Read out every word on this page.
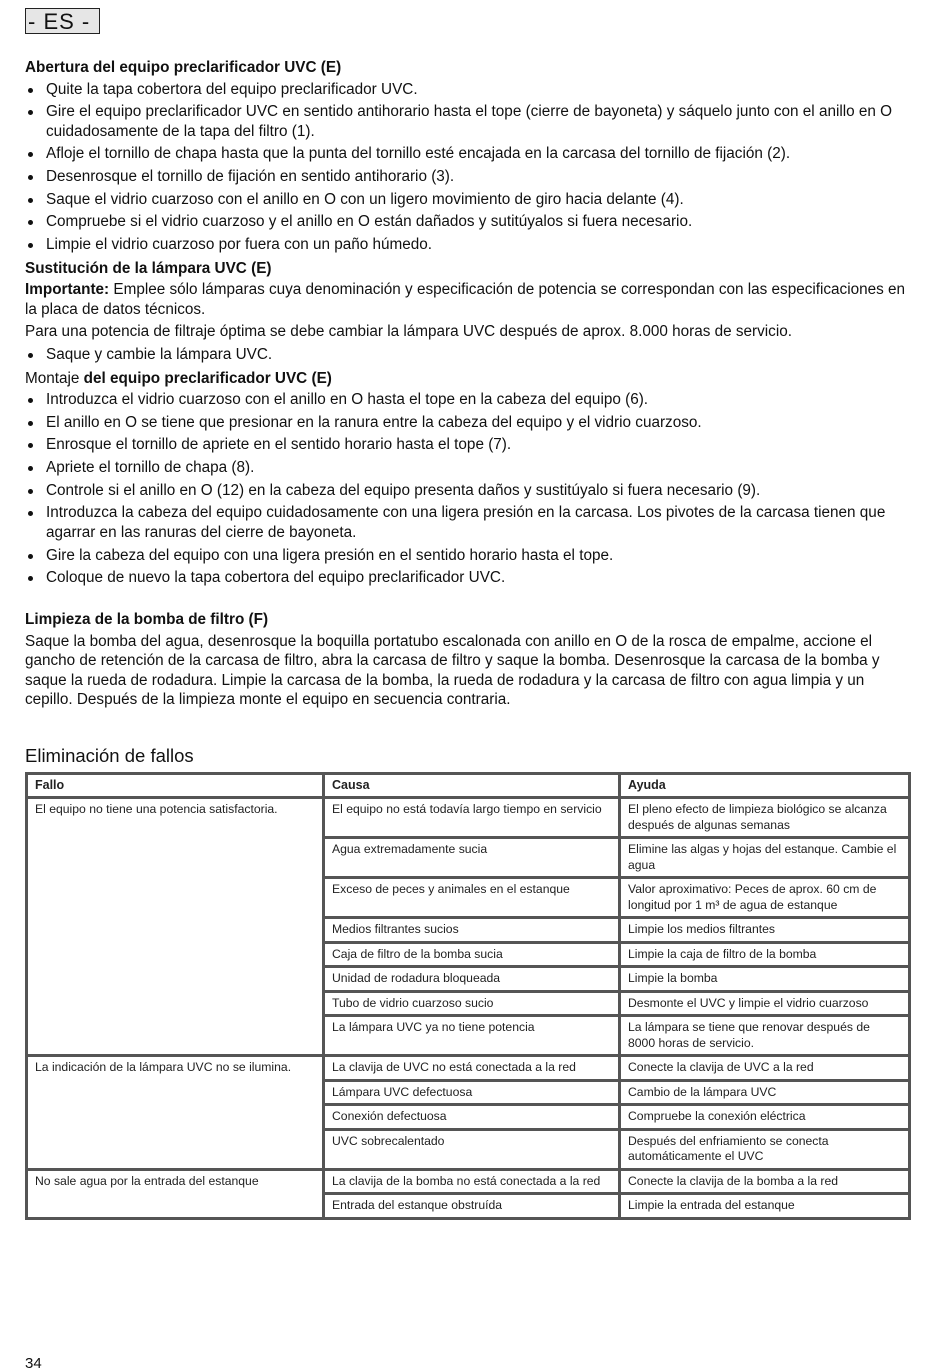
- ES -

Abertura del equipo preclarificador UVC (E)

Quite la tapa cobertora del equipo preclarificador UVC.
Gire el equipo preclarificador UVC en sentido antihorario hasta el tope (cierre de bayoneta) y sáquelo junto con el anillo en O cuidadosamente de la tapa del filtro (1).
Afloje el tornillo de chapa hasta que la punta del tornillo esté encajada en la carcasa del tornillo de fijación (2).
Desenrosque el tornillo de fijación en sentido antihorario (3).
Saque el vidrio cuarzoso con el anillo en O con un ligero movimiento de giro hacia delante (4).
Compruebe si el vidrio cuarzoso y el anillo en O están dañados y sutitúyalos si fuera necesario.
Limpie el vidrio cuarzoso por fuera con un paño húmedo.

Sustitución de la lámpara UVC (E)

Importante: Emplee sólo lámparas cuya denominación y especificación de potencia se correspondan con las especificaciones en la placa de datos técnicos.

Para una potencia de filtraje óptima se debe cambiar la lámpara UVC después de aprox. 8.000 horas de servicio.

Saque y cambie la lámpara UVC.

Montaje del equipo preclarificador UVC (E)

Introduzca el vidrio cuarzoso con el anillo en O hasta el tope en la cabeza del equipo (6).
El anillo en O se tiene que presionar en la ranura entre la cabeza del equipo y el vidrio cuarzoso.
Enrosque el tornillo de apriete en el sentido horario hasta el tope (7).
Apriete el tornillo de chapa (8).
Controle si el anillo en O (12) en la cabeza del equipo presenta daños y sustitúyalo si fuera necesario (9).
Introduzca la cabeza del equipo cuidadosamente con una ligera presión en la carcasa. Los pivotes de la carcasa tienen que agarrar en las ranuras del cierre de bayoneta.
Gire la cabeza del equipo con una ligera presión en el sentido horario hasta el tope.
Coloque de nuevo la tapa cobertora del equipo preclarificador UVC.

Limpieza de la bomba de filtro (F)

Saque la bomba del agua, desenrosque la boquilla portatubo escalonada con anillo en O de la rosca de empalme, accione el gancho de retención de la carcasa de filtro, abra la carcasa de filtro y saque la bomba. Desenrosque la carcasa de la bomba y saque la rueda de rodadura. Limpie la carcasa de la bomba, la rueda de rodadura y la carcasa de filtro con agua limpia y un cepillo. Después de la limpieza monte el equipo en secuencia contraria.

Eliminación de fallos

Fallo	Causa	Ayuda
El equipo no tiene una potencia satisfactoria.	El equipo no está todavía largo tiempo en servicio	El pleno efecto de limpieza biológico se alcanza después de algunas semanas
	Agua extremadamente sucia	Elimine las algas y hojas del estanque. Cambie el agua
	Exceso de peces y animales en el estanque	Valor aproximativo: Peces de aprox. 60 cm de longitud por 1 m³ de agua de estanque
	Medios filtrantes sucios	Limpie los medios filtrantes
	Caja de filtro de la bomba sucia	Limpie la caja de filtro de la bomba
	Unidad de rodadura bloqueada	Limpie la bomba
	Tubo de vidrio cuarzoso sucio	Desmonte el UVC y limpie el vidrio cuarzoso
	La lámpara UVC ya no tiene potencia	La lámpara se tiene que renovar después de 8000 horas de servicio.
La indicación de la lámpara UVC no se ilumina.	La clavija de UVC no está conectada a la red	Conecte la clavija de UVC a la red
	Lámpara UVC defectuosa	Cambio de la lámpara UVC
	Conexión defectuosa	Compruebe la conexión eléctrica
	UVC sobrecalentado	Después del enfriamiento se conecta automáticamente el UVC
No sale agua por la entrada del estanque	La clavija de la bomba no está conectada a la red	Conecte la clavija de la bomba a la red
	Entrada del estanque obstruída	Limpie la entrada del estanque
34
